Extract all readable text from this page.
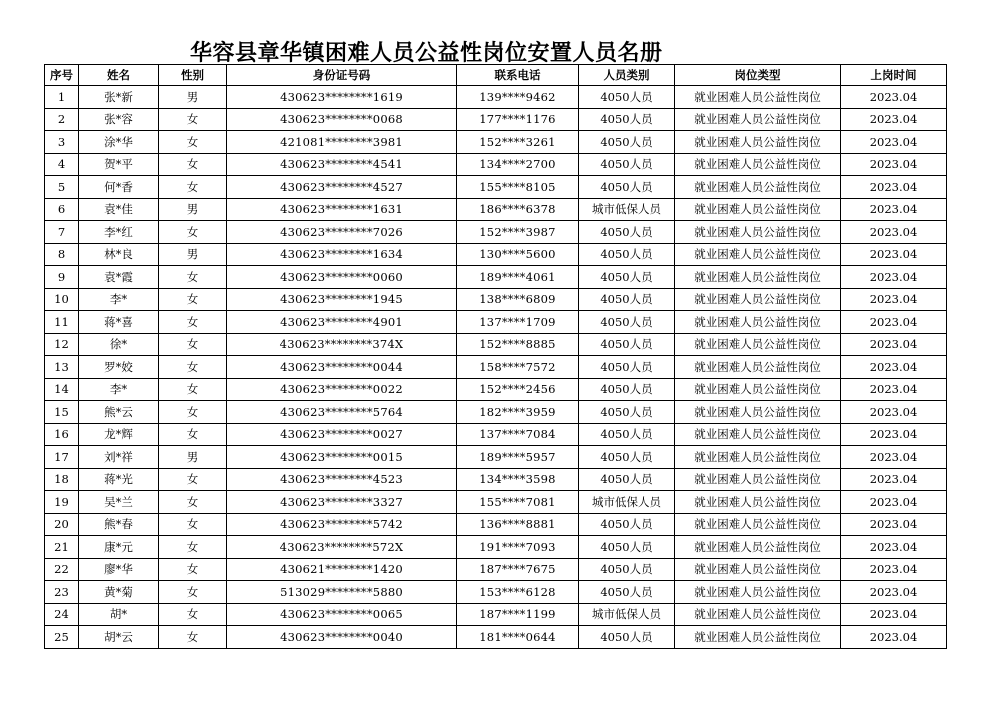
华容县章华镇困难人员公益性岗位安置人员名册
序号	姓名	性别	身份证号码	联系电话	人员类别	岗位类型	上岗时间
1	张*新	男	430623********1619	139****9462	4050人员	就业困难人员公益性岗位	2023.04
2	张*容	女	430623********0068	177****1176	4050人员	就业困难人员公益性岗位	2023.04
3	涂*华	女	421081********3981	152****3261	4050人员	就业困难人员公益性岗位	2023.04
4	贺*平	女	430623********4541	134****2700	4050人员	就业困难人员公益性岗位	2023.04
5	何*香	女	430623********4527	155****8105	4050人员	就业困难人员公益性岗位	2023.04
6	袁*佳	男	430623********1631	186****6378	城市低保人员	就业困难人员公益性岗位	2023.04
7	李*红	女	430623********7026	152****3987	4050人员	就业困难人员公益性岗位	2023.04
8	林*良	男	430623********1634	130****5600	4050人员	就业困难人员公益性岗位	2023.04
9	袁*霞	女	430623********0060	189****4061	4050人员	就业困难人员公益性岗位	2023.04
10	李*	女	430623********1945	138****6809	4050人员	就业困难人员公益性岗位	2023.04
11	蒋*喜	女	430623********4901	137****1709	4050人员	就业困难人员公益性岗位	2023.04
12	徐*	女	430623********374X	152****8885	4050人员	就业困难人员公益性岗位	2023.04
13	罗*姣	女	430623********0044	158****7572	4050人员	就业困难人员公益性岗位	2023.04
14	李*	女	430623********0022	152****2456	4050人员	就业困难人员公益性岗位	2023.04
15	熊*云	女	430623********5764	182****3959	4050人员	就业困难人员公益性岗位	2023.04
16	龙*辉	女	430623********0027	137****7084	4050人员	就业困难人员公益性岗位	2023.04
17	刘*祥	男	430623********0015	189****5957	4050人员	就业困难人员公益性岗位	2023.04
18	蒋*光	女	430623********4523	134****3598	4050人员	就业困难人员公益性岗位	2023.04
19	吴*兰	女	430623********3327	155****7081	城市低保人员	就业困难人员公益性岗位	2023.04
20	熊*春	女	430623********5742	136****8881	4050人员	就业困难人员公益性岗位	2023.04
21	康*元	女	430623********572X	191****7093	4050人员	就业困难人员公益性岗位	2023.04
22	廖*华	女	430621********1420	187****7675	4050人员	就业困难人员公益性岗位	2023.04
23	黄*菊	女	513029********5880	153****6128	4050人员	就业困难人员公益性岗位	2023.04
24	胡*	女	430623********0065	187****1199	城市低保人员	就业困难人员公益性岗位	2023.04
25	胡*云	女	430623********0040	181****0644	4050人员	就业困难人员公益性岗位	2023.04
